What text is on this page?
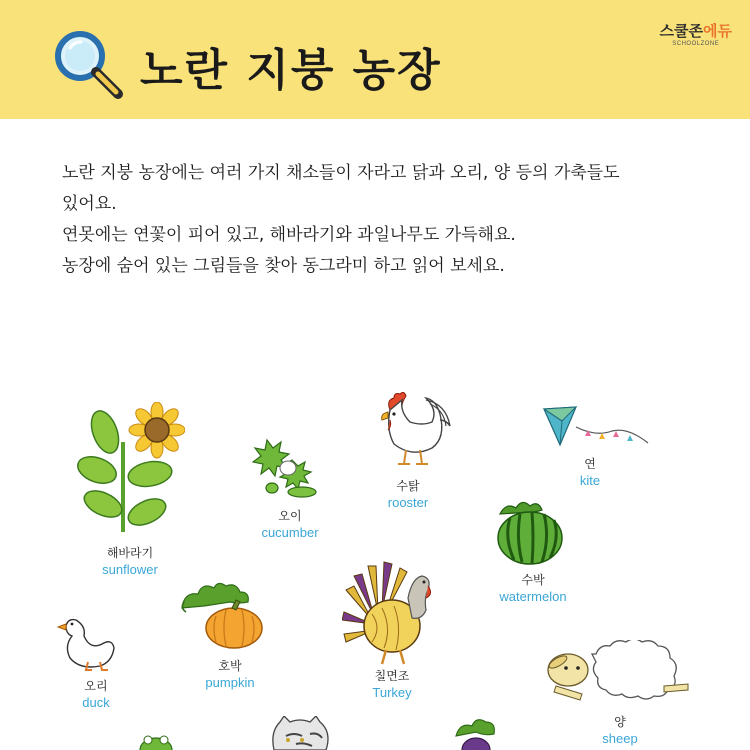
노란 지붕 농장
스쿨존에듀
SCHOOLZONE

노란 지붕 농장에는 여러 가지 채소들이 자라고 닭과 오리, 양 등의 가축들도

있어요.

연못에는 연꽃이 피어 있고, 해바라기와 과일나무도 가득해요.

농장에 숨어 있는 그림들을 찾아 동그라미 하고 읽어 보세요.

해바라기
sunflower
오이
cucumber
수탉
rooster
연
kite
수박
watermelon
호박
pumpkin	칠면조
Turkey
오리
duck
양
sheep
